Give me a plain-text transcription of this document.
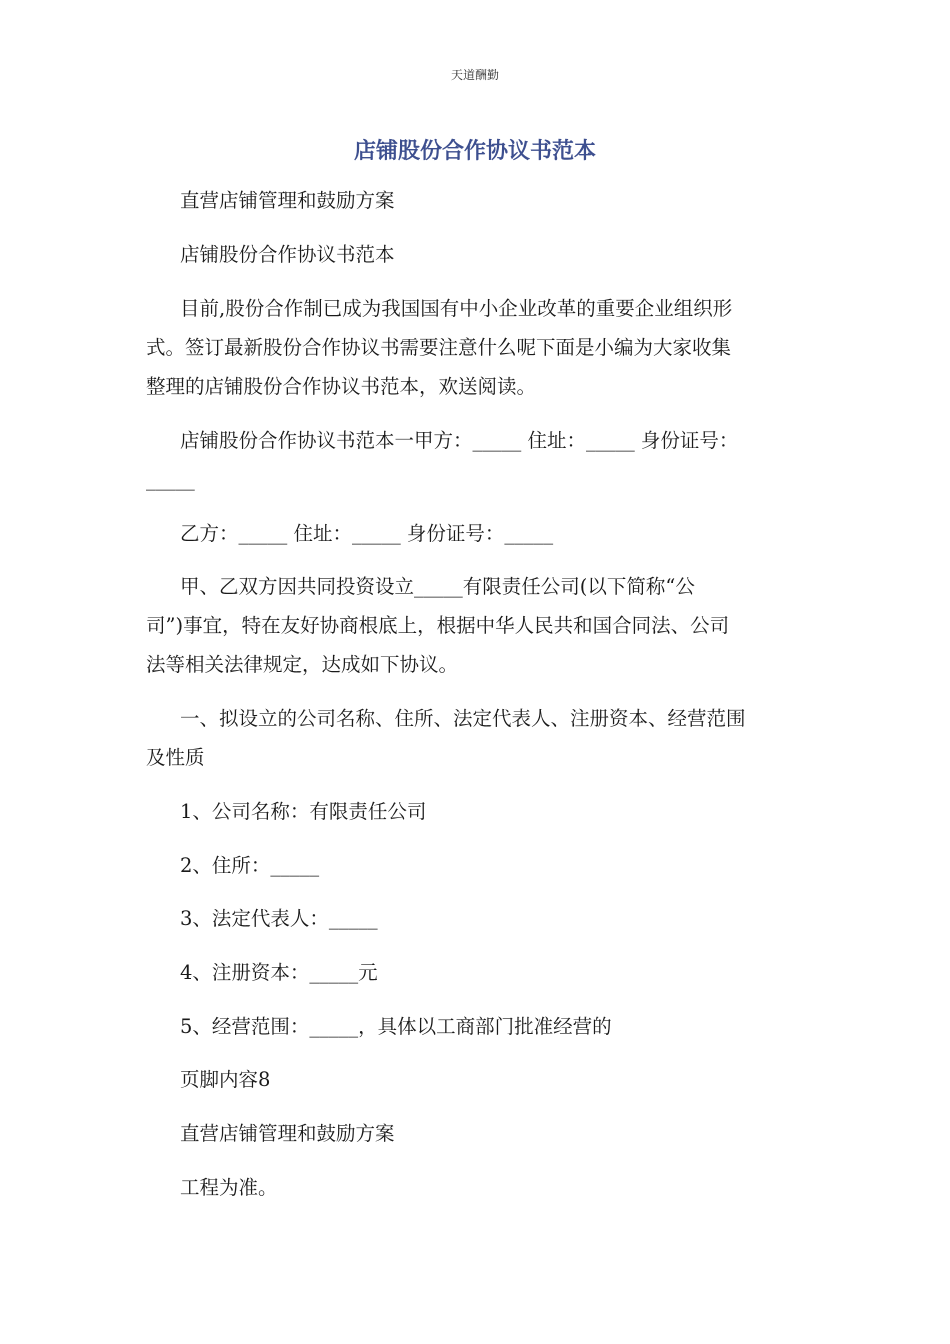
天道酬勤
店铺股份合作协议书范本

直营店铺管理和鼓励方案

店铺股份合作协议书范本

目前,股份合作制已成为我国国有中小企业改革的重要企业组织形
式。签订最新股份合作协议书需要注意什么呢下面是小编为大家收集
整理的店铺股份合作协议书范本，欢送阅读。

店铺股份合作协议书范本一甲方：_____ 住址：_____ 身份证号：
_____

乙方：_____ 住址：_____ 身份证号：_____

甲、乙双方因共同投资设立_____有限责任公司(以下简称“公
司”)事宜，特在友好协商根底上，根据中华人民共和国合同法、公司
法等相关法律规定，达成如下协议。

一、拟设立的公司名称、住所、法定代表人、注册资本、经营范围
及性质

1、公司名称：有限责任公司

2、住所：_____

3、法定代表人：_____

4、注册资本：_____元

5、经营范围：_____，具体以工商部门批准经营的

页脚内容8

直营店铺管理和鼓励方案

工程为准。
